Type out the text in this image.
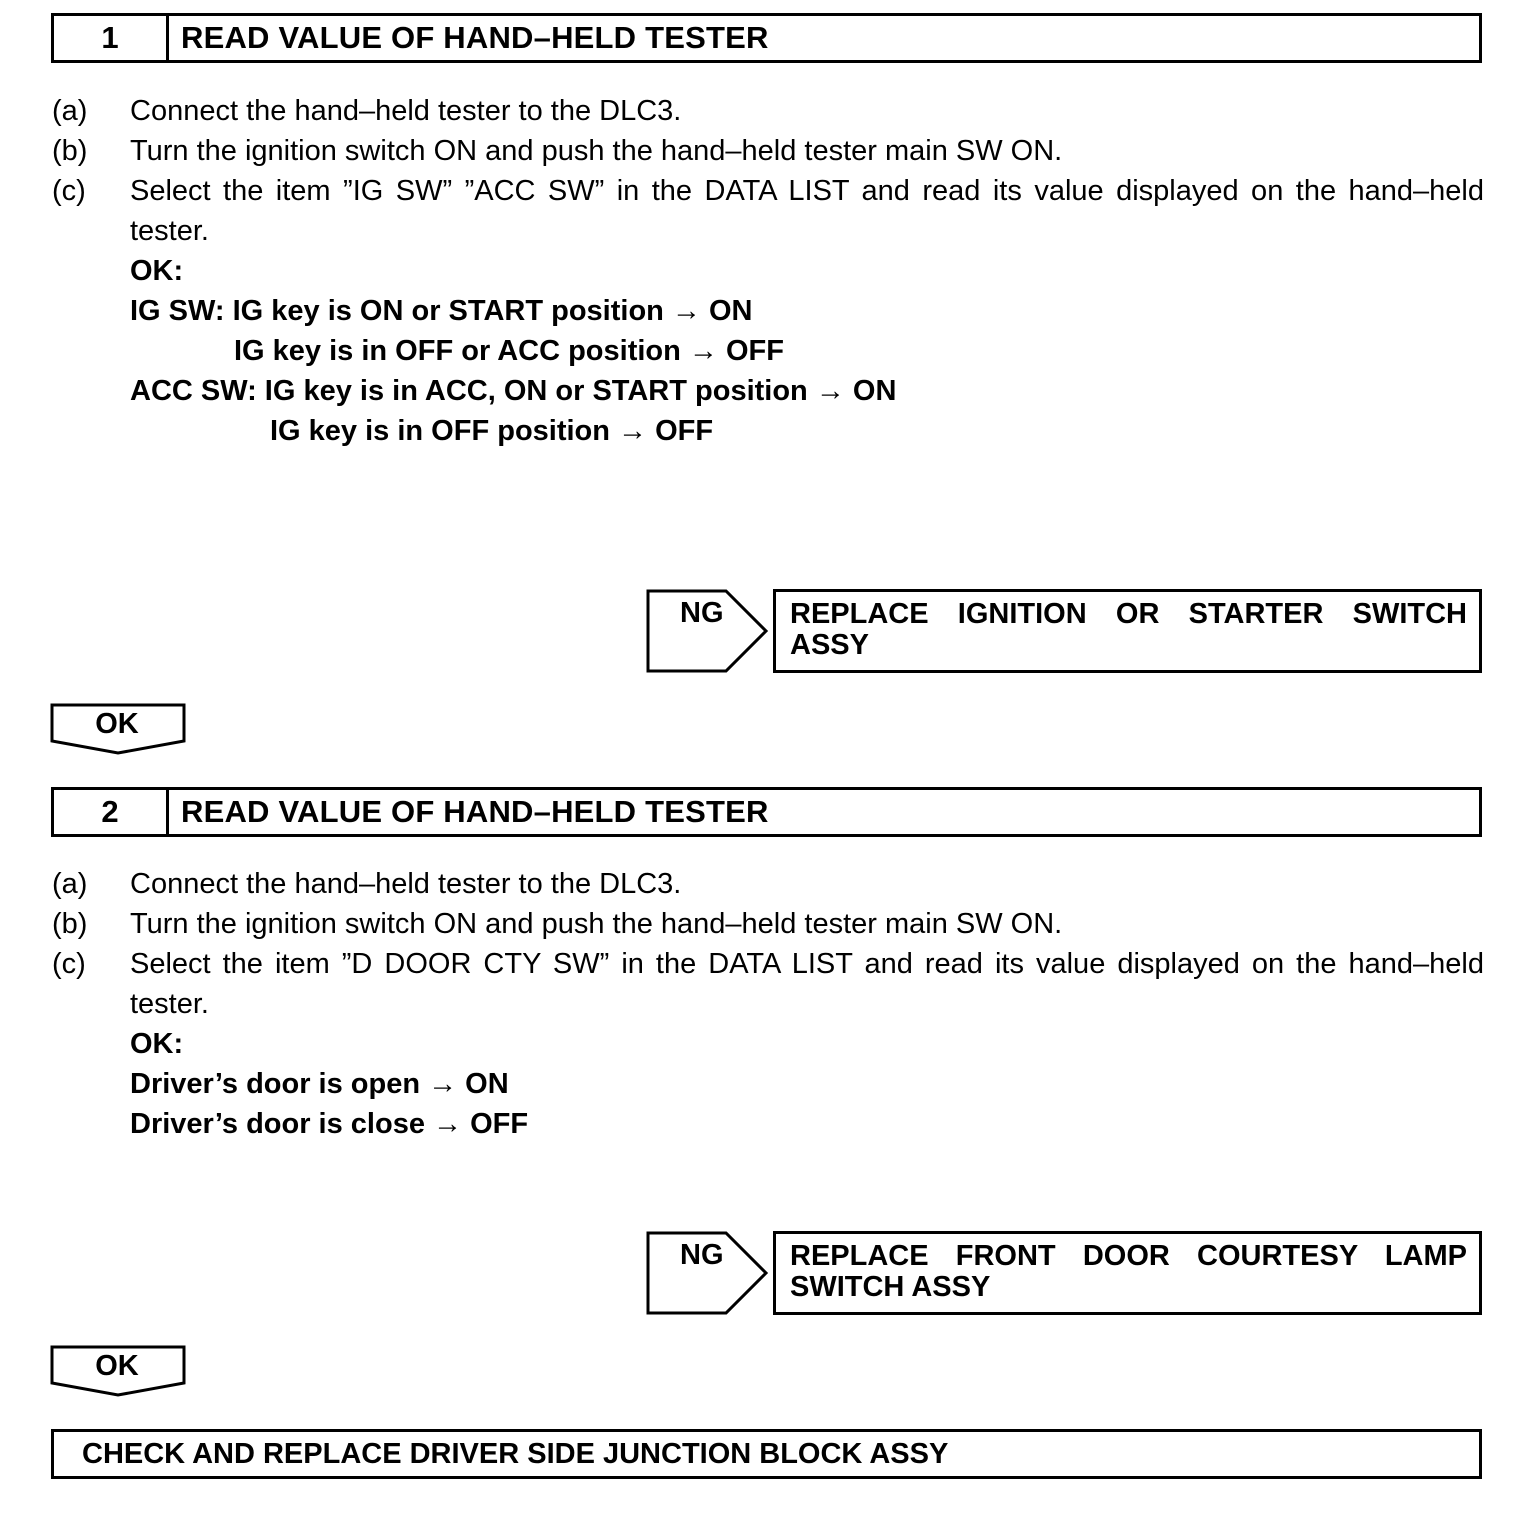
1	READ VALUE OF HAND–HELD TESTER
(a) Connect the hand–held tester to the DLC3.
(b) Turn the ignition switch ON and push the hand–held tester main SW ON.
(c) Select the item ”IG SW” ”ACC SW” in the DATA LIST and read its value displayed on the hand–held
tester.
OK:
IG SW: IG key is ON or START position → ON
IG key is in OFF or ACC position → OFF
ACC SW: IG key is in ACC, ON or START position → ON
IG key is in OFF position → OFF
NG REPLACE IGNITION OR STARTER SWITCH
ASSY
OK
2	READ VALUE OF HAND–HELD TESTER
(a) Connect the hand–held tester to the DLC3.
(b) Turn the ignition switch ON and push the hand–held tester main SW ON.
(c) Select the item ”D DOOR CTY SW” in the DATA LIST and read its value displayed on the hand–held
tester.
OK:
Driver’s door is open → ON
Driver’s door is close → OFF
NG REPLACE FRONT DOOR COURTESY LAMP
SWITCH ASSY
OK
CHECK AND REPLACE DRIVER SIDE JUNCTION BLOCK ASSY
